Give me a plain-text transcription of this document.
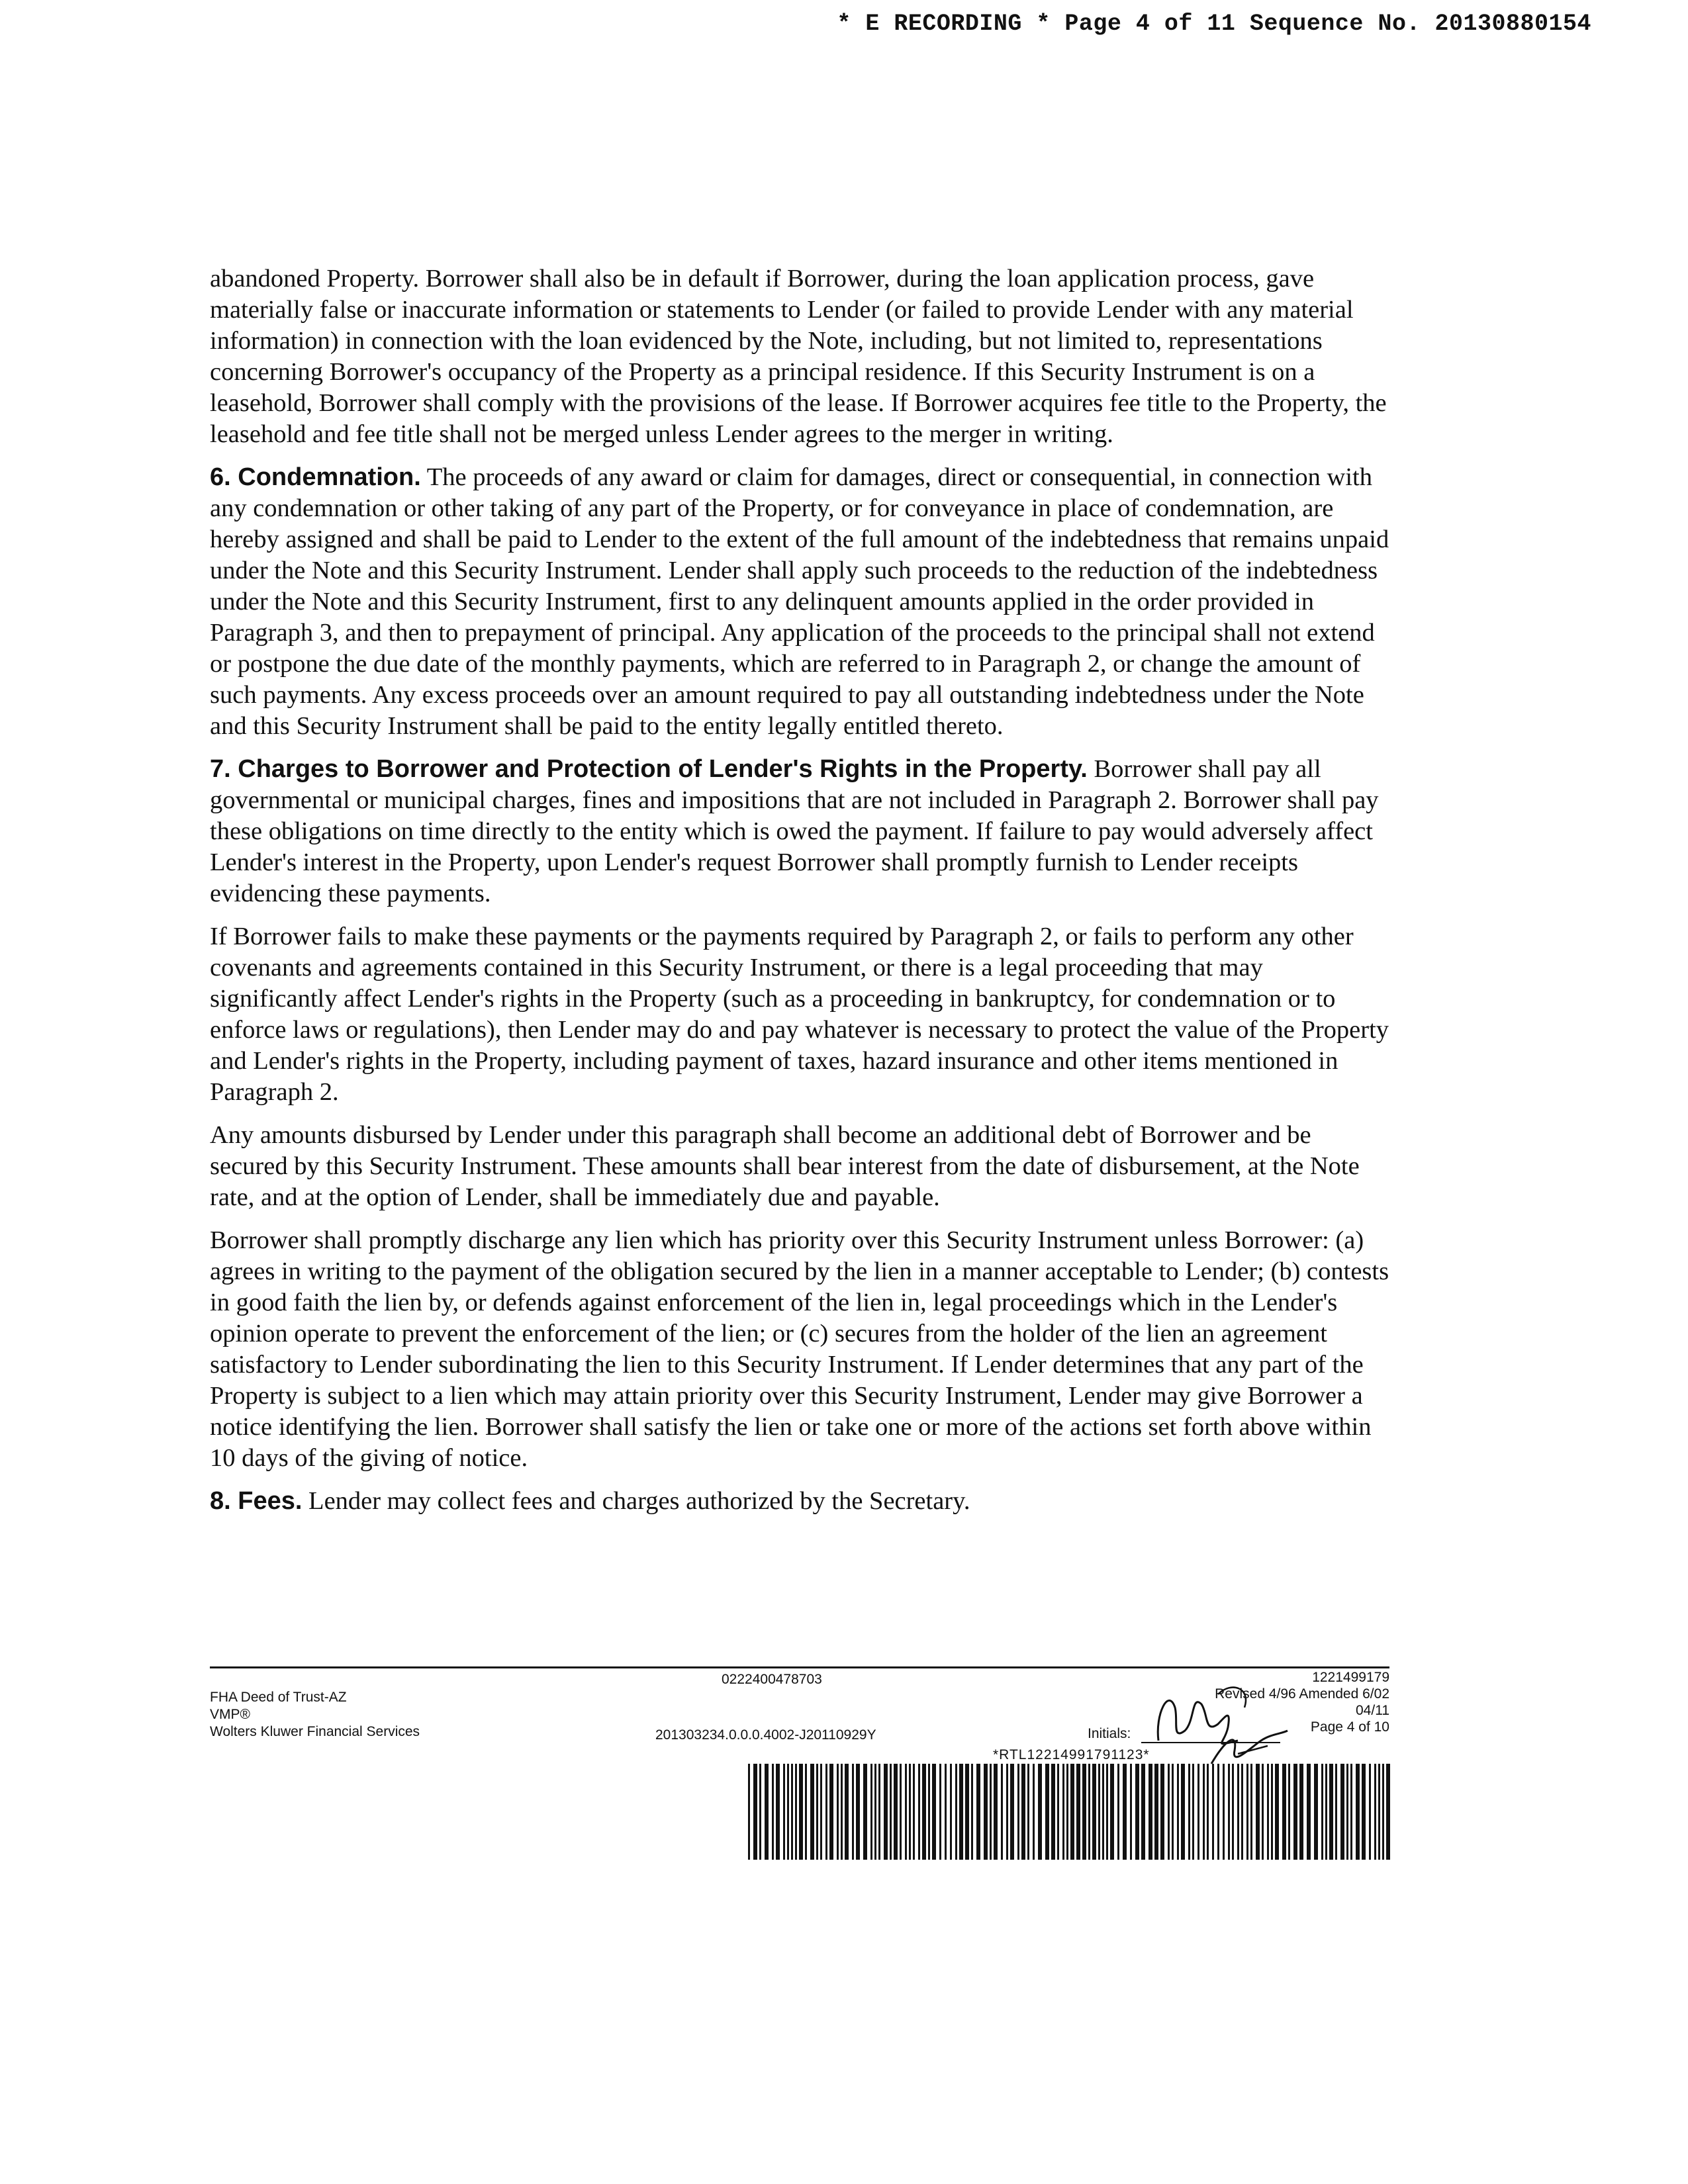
* E RECORDING * Page 4 of 11 Sequence No. 20130880154

abandoned Property. Borrower shall also be in default if Borrower, during the loan application process, gave materially false or inaccurate information or statements to Lender (or failed to provide Lender with any material information) in connection with the loan evidenced by the Note, including, but not limited to, representations concerning Borrower's occupancy of the Property as a principal residence. If this Security Instrument is on a leasehold, Borrower shall comply with the provisions of the lease. If Borrower acquires fee title to the Property, the leasehold and fee title shall not be merged unless Lender agrees to the merger in writing.

6. Condemnation. The proceeds of any award or claim for damages, direct or consequential, in connection with any condemnation or other taking of any part of the Property, or for conveyance in place of condemnation, are hereby assigned and shall be paid to Lender to the extent of the full amount of the indebtedness that remains unpaid under the Note and this Security Instrument. Lender shall apply such proceeds to the reduction of the indebtedness under the Note and this Security Instrument, first to any delinquent amounts applied in the order provided in Paragraph 3, and then to prepayment of principal. Any application of the proceeds to the principal shall not extend or postpone the due date of the monthly payments, which are referred to in Paragraph 2, or change the amount of such payments. Any excess proceeds over an amount required to pay all outstanding indebtedness under the Note and this Security Instrument shall be paid to the entity legally entitled thereto.

7. Charges to Borrower and Protection of Lender's Rights in the Property. Borrower shall pay all governmental or municipal charges, fines and impositions that are not included in Paragraph 2. Borrower shall pay these obligations on time directly to the entity which is owed the payment. If failure to pay would adversely affect Lender's interest in the Property, upon Lender's request Borrower shall promptly furnish to Lender receipts evidencing these payments.

If Borrower fails to make these payments or the payments required by Paragraph 2, or fails to perform any other covenants and agreements contained in this Security Instrument, or there is a legal proceeding that may significantly affect Lender's rights in the Property (such as a proceeding in bankruptcy, for condemnation or to enforce laws or regulations), then Lender may do and pay whatever is necessary to protect the value of the Property and Lender's rights in the Property, including payment of taxes, hazard insurance and other items mentioned in Paragraph 2.

Any amounts disbursed by Lender under this paragraph shall become an additional debt of Borrower and be secured by this Security Instrument. These amounts shall bear interest from the date of disbursement, at the Note rate, and at the option of Lender, shall be immediately due and payable.

Borrower shall promptly discharge any lien which has priority over this Security Instrument unless Borrower: (a) agrees in writing to the payment of the obligation secured by the lien in a manner acceptable to Lender; (b) contests in good faith the lien by, or defends against enforcement of the lien in, legal proceedings which in the Lender's opinion operate to prevent the enforcement of the lien; or (c) secures from the holder of the lien an agreement satisfactory to Lender subordinating the lien to this Security Instrument. If Lender determines that any part of the Property is subject to a lien which may attain priority over this Security Instrument, Lender may give Borrower a notice identifying the lien. Borrower shall satisfy the lien or take one or more of the actions set forth above within 10 days of the giving of notice.

8. Fees. Lender may collect fees and charges authorized by the Secretary.

FHA Deed of Trust-AZ
VMP®
Wolters Kluwer Financial Services
0222400478703
201303234.0.0.0.4002-J20110929Y
1221499179
Revised 4/96 Amended 6/02
04/11
Page 4 of 10
Initials:
*RTL12214991791123*
